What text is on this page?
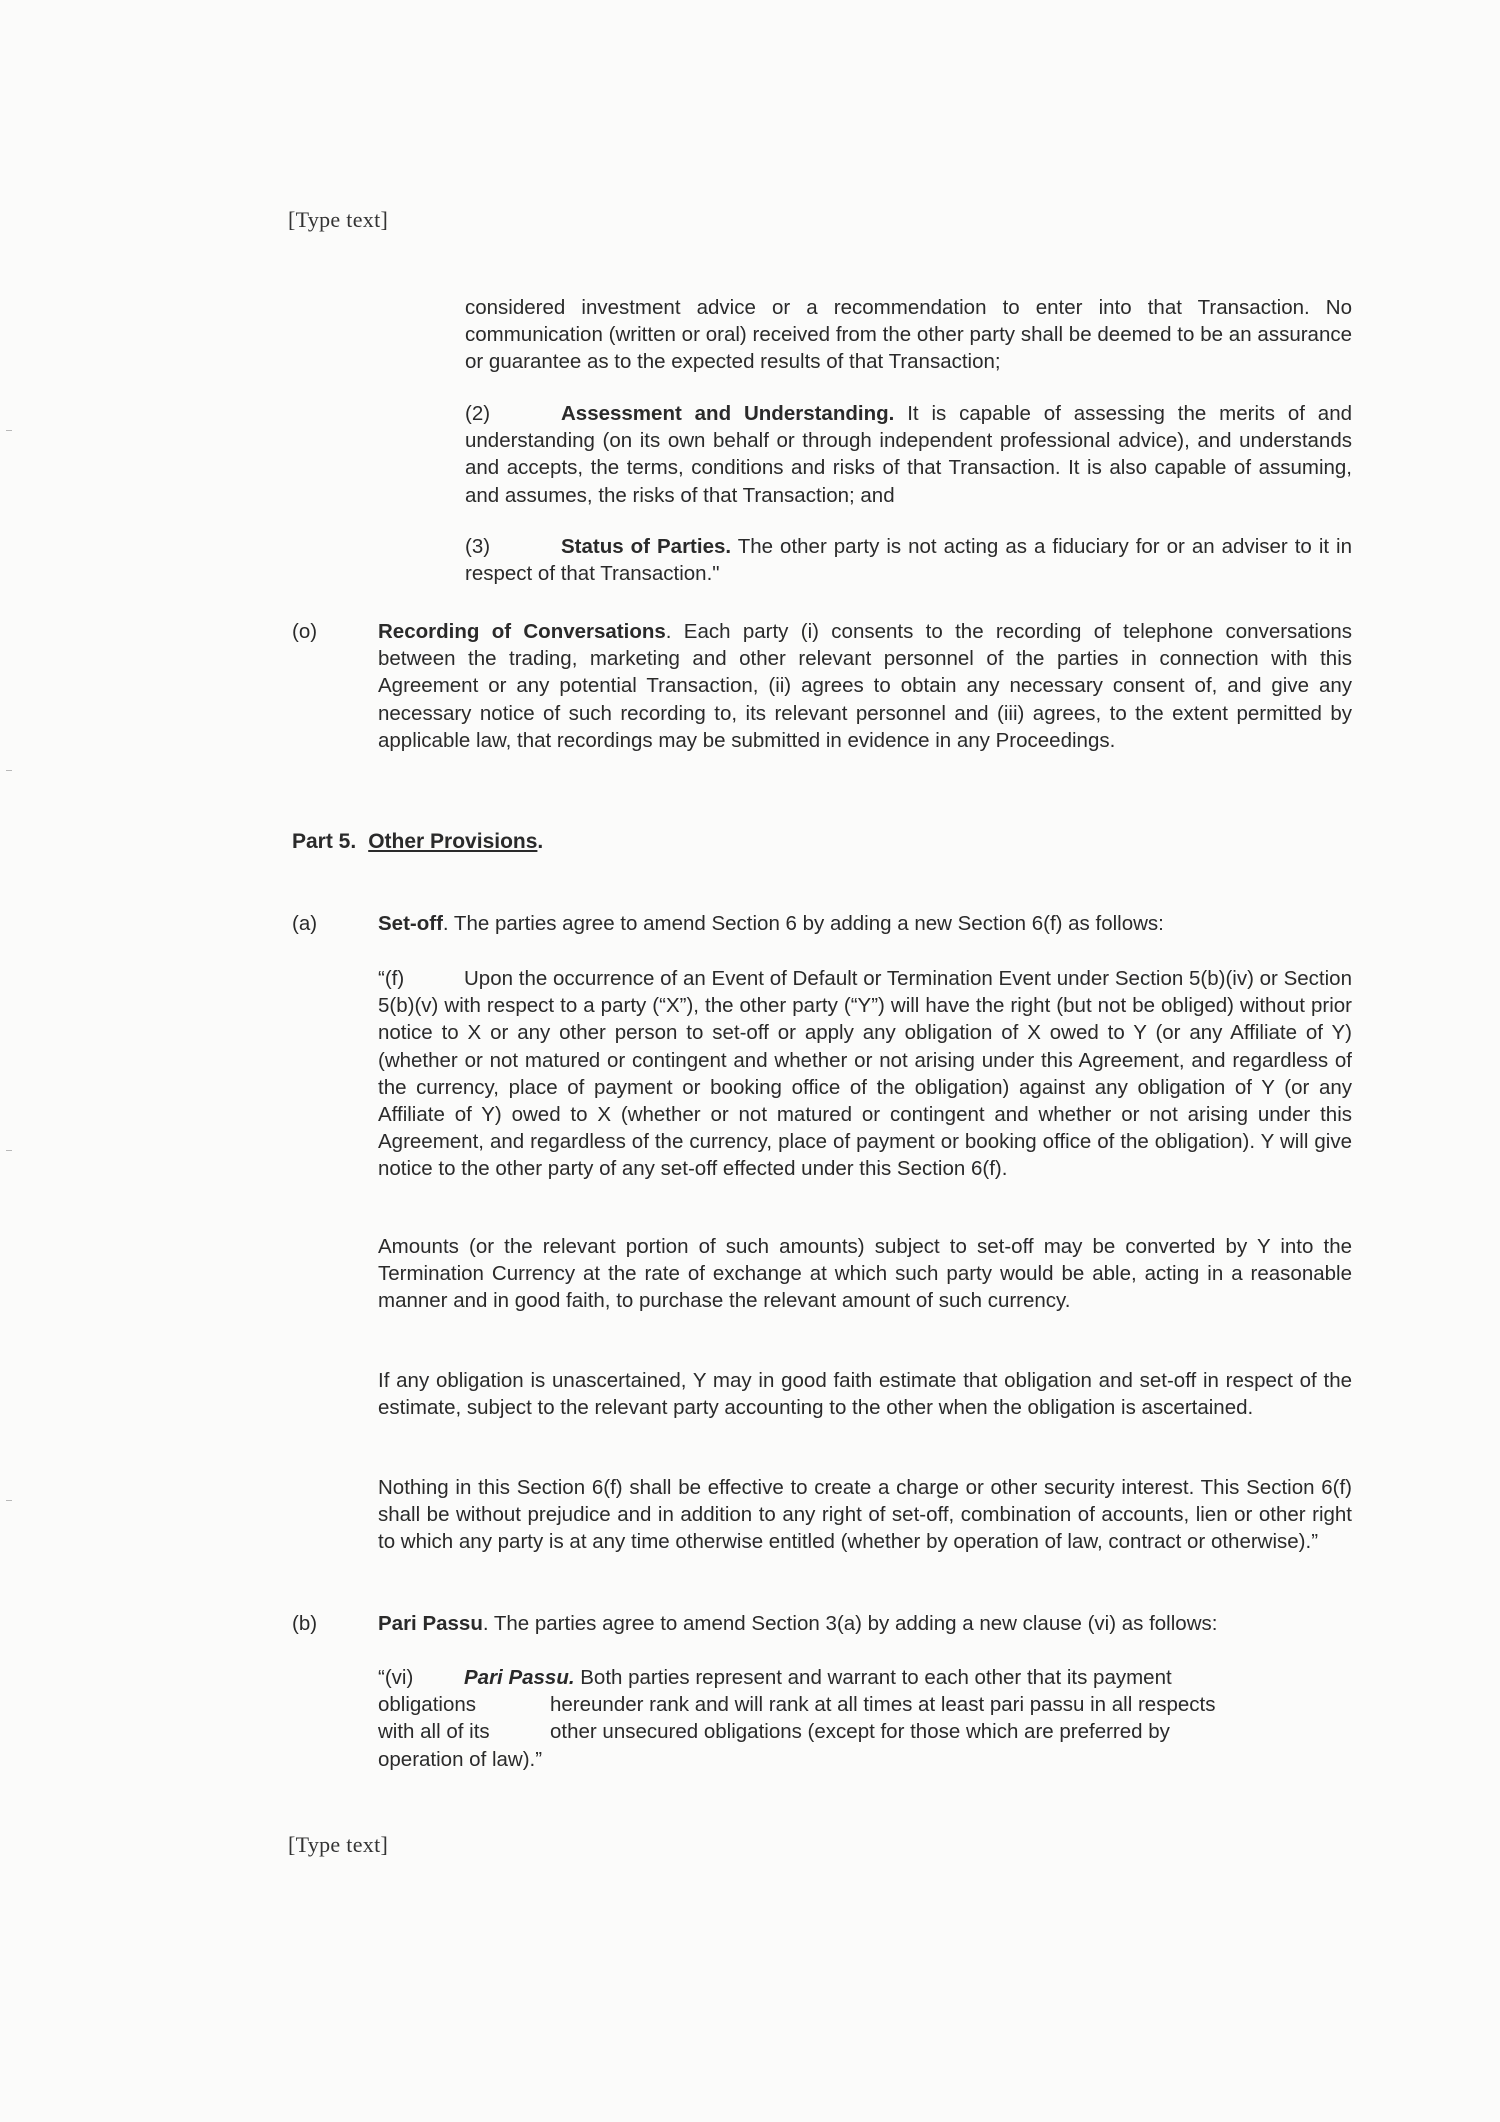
[Type text]
considered investment advice or a recommendation to enter into that Transaction. No communication (written or oral) received from the other party shall be deemed to be an assurance or guarantee as to the expected results of that Transaction;
(2)	Assessment and Understanding. It is capable of assessing the merits of and understanding (on its own behalf or through independent professional advice), and understands and accepts, the terms, conditions and risks of that Transaction. It is also capable of assuming, and assumes, the risks of that Transaction; and
(3)	Status of Parties. The other party is not acting as a fiduciary for or an adviser to it in respect of that Transaction."
(o)	Recording of Conversations. Each party (i) consents to the recording of telephone conversations between the trading, marketing and other relevant personnel of the parties in connection with this Agreement or any potential Transaction, (ii) agrees to obtain any necessary consent of, and give any necessary notice of such recording to, its relevant personnel and (iii) agrees, to the extent permitted by applicable law, that recordings may be submitted in evidence in any Proceedings.
Part 5. Other Provisions.
(a)	Set-off. The parties agree to amend Section 6 by adding a new Section 6(f) as follows:
“(f)	Upon the occurrence of an Event of Default or Termination Event under Section 5(b)(iv) or Section 5(b)(v) with respect to a party (“X”), the other party (“Y”) will have the right (but not be obliged) without prior notice to X or any other person to set-off or apply any obligation of X owed to Y (or any Affiliate of Y) (whether or not matured or contingent and whether or not arising under this Agreement, and regardless of the currency, place of payment or booking office of the obligation) against any obligation of Y (or any Affiliate of Y) owed to X (whether or not matured or contingent and whether or not arising under this Agreement, and regardless of the currency, place of payment or booking office of the obligation). Y will give notice to the other party of any set-off effected under this Section 6(f).
Amounts (or the relevant portion of such amounts) subject to set-off may be converted by Y into the Termination Currency at the rate of exchange at which such party would be able, acting in a reasonable manner and in good faith, to purchase the relevant amount of such currency.
If any obligation is unascertained, Y may in good faith estimate that obligation and set-off in respect of the estimate, subject to the relevant party accounting to the other when the obligation is ascertained.
Nothing in this Section 6(f) shall be effective to create a charge or other security interest. This Section 6(f) shall be without prejudice and in addition to any right of set-off, combination of accounts, lien or other right to which any party is at any time otherwise entitled (whether by operation of law, contract or otherwise).”
(b)	Pari Passu. The parties agree to amend Section 3(a) by adding a new clause (vi) as follows:
“(vi) Pari Passu. Both parties represent and warrant to each other that its payment
obligations	hereunder rank and will rank at all times at least pari passu in all respects
with all of its	other unsecured obligations (except for those which are preferred by
operation of law).”
[Type text]
